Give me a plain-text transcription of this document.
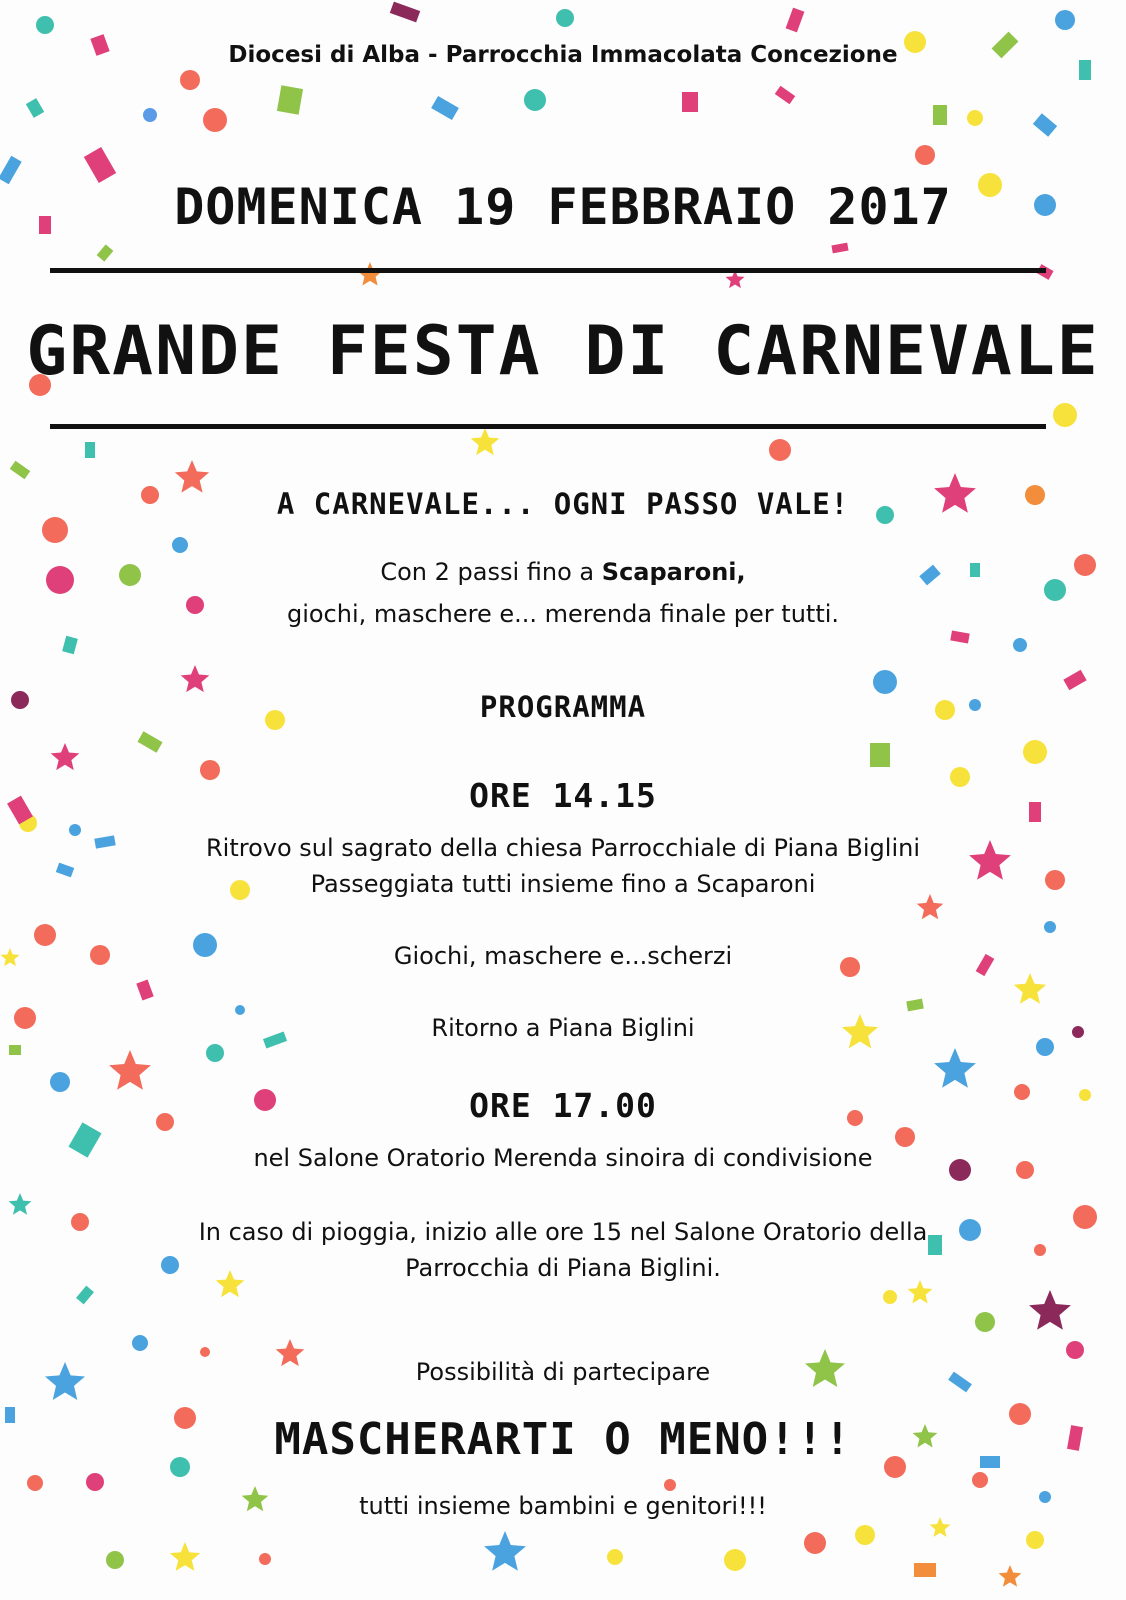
Diocesi di Alba - Parrocchia Immacolata Concezione

DOMENICA 19 FEBBRAIO 2017

GRANDE FESTA DI CARNEVALE

A CARNEVALE... OGNI PASSO VALE!

Con 2 passi fino a Scaparoni,

giochi, maschere e... merenda finale per tutti.

PROGRAMMA

ORE 14.15

Ritrovo sul sagrato della chiesa Parrocchiale di Piana Biglini

Passeggiata tutti insieme fino a Scaparoni

Giochi, maschere e...scherzi

Ritorno a Piana Biglini

ORE 17.00

nel Salone Oratorio Merenda sinoira di condivisione

In caso di pioggia, inizio alle ore 15 nel Salone Oratorio della

Parrocchia di Piana Biglini.

Possibilità di partecipare

MASCHERARTI O MENO!!!

tutti insieme bambini e genitori!!!
